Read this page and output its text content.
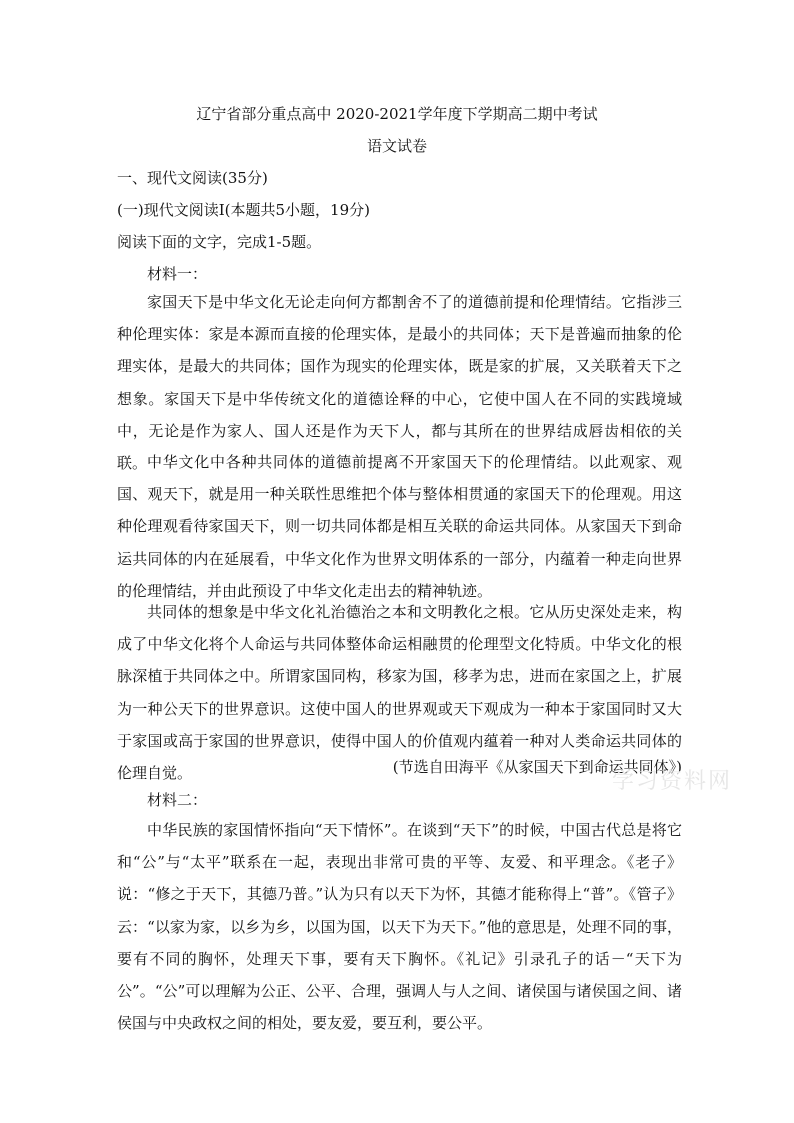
辽宁省部分重点高中 2020-2021学年度下学期高二期中考试
语文试卷
一、现代文阅读(35分)
(一)现代文阅读I(本题共5小题，19分)
阅读下面的文字，完成1-5题。
材料一：

家国天下是中华文化无论走向何方都割舍不了的道德前提和伦理情结。它指涉三种伦理实体：家是本源而直接的伦理实体，是最小的共同体；天下是普遍而抽象的伦理实体，是最大的共同体；国作为现实的伦理实体，既是家的扩展，又关联着天下之想象。家国天下是中华传统文化的道德诠释的中心，它使中国人在不同的实践境域中，无论是作为家人、国人还是作为天下人，都与其所在的世界结成唇齿相依的关联。 中华文化中各种共同体的道德前提离不开家国天下的伦理情结。以此观家、观国、观天下，就是用一种关联性思维把个体与整体相贯通的家国天下的伦理观。用这种伦理观看待家国天下，则一切共同体都是相互关联的命运共同体。从家国天下到命运共同体的内在延展看，中华文化作为世界文明体系的一部分，内蕴着一种走向世界的伦理情结，并由此预设了中华文化走出去的精神轨迹。

共同体的想象是中华文化礼治德治之本和文明教化之根。它从历史深处走来，构成了中华文化将个人命运与共同体整体命运相融贯的伦理型文化特质。中华文化的根脉深植于共同体之中。所谓家国同构，移家为国，移孝为忠，进而在家国之上，扩展为一种公天下的世界意识。这使中国人的世界观或天下观成为一种本于家国同时又大于家国或高于家国的世界意识，使得中国人的价值观内蕴着一种对人类命运共同体的伦理自觉。	(节选自田海平《从家国天下到命运共同体》)
学习资料网
材料二：

中华民族的家国情怀指向“天下情怀”。在谈到“天下”的时候，中国古代总是将它和“公”与“太平”联系在一起，表现出非常可贵的平等、友爱、和平理念。《老子》说：“修之于天下，其德乃普。”认为只有以天下为怀，其德才能称得上“普”。《管子》云：“以家为家，以乡为乡，以国为国，以天下为天下。”他的意思是，处理不同的事，要有不同的胸怀，处理天下事，要有天下胸怀。《礼记》引录孔子的话－“天下为公”。“公”可以理解为公正、公平、合理，强调人与人之间、诸侯国与诸侯国之间、诸侯国与中央政权之间的相处，要友爱，要互利，要公平。
